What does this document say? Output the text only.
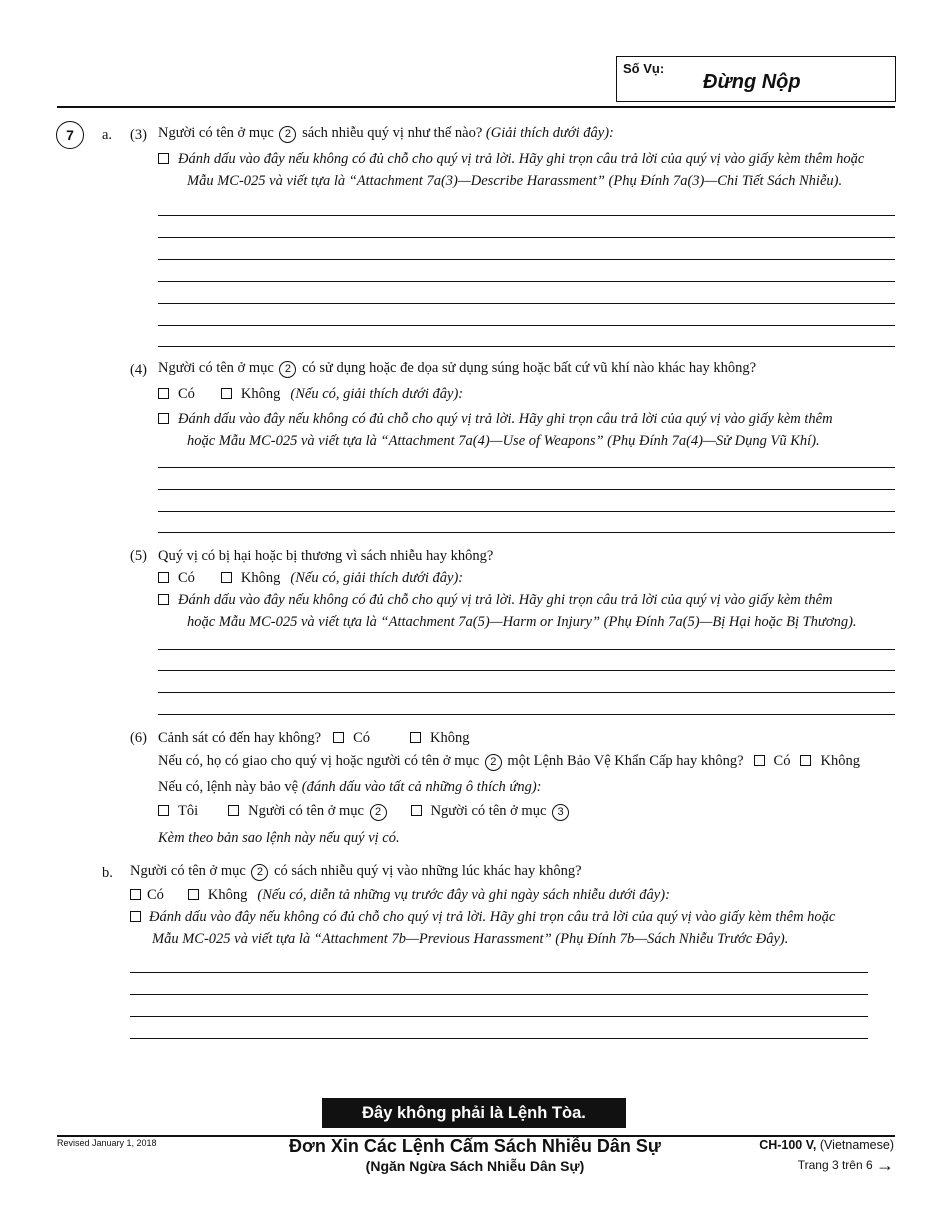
Số Vụ:
Đừng Nộp
7	a. (3) Người có tên ở mục 2 sách nhiễu quý vị như thế nào? (Giải thích dưới đây):
Đánh dấu vào đây nếu không có đủ chỗ cho quý vị trả lời. Hãy ghi trọn câu trả lời của quý vị vào giấy kèm thêm hoặc
Mẫu MC-025 và viết tựa là “Attachment 7a(3)—Describe Harassment” (Phụ Đính 7a(3)—Chi Tiết Sách Nhiễu).
(4) Người có tên ở mục 2 có sử dụng hoặc đe dọa sử dụng súng hoặc bất cứ vũ khí nào khác hay không?
Có	Không (Nếu có, giải thích dưới đây):
Đánh dấu vào đây nếu không có đủ chỗ cho quý vị trả lời. Hãy ghi trọn câu trả lời của quý vị vào giấy kèm thêm
hoặc Mẫu MC-025 và viết tựa là “Attachment 7a(4)—Use of Weapons” (Phụ Đính 7a(4)—Sử Dụng Vũ Khí).
(5) Quý vị có bị hại hoặc bị thương vì sách nhiễu hay không?
Có	Không (Nếu có, giải thích dưới đây):
Đánh dấu vào đây nếu không có đủ chỗ cho quý vị trả lời. Hãy ghi trọn câu trả lời của quý vị vào giấy kèm thêm
hoặc Mẫu MC-025 và viết tựa là “Attachment 7a(5)—Harm or Injury” (Phụ Đính 7a(5)—Bị Hại hoặc Bị Thương).
(6) Cảnh sát có đến hay không? Có	Không
Nếu có, họ có giao cho quý vị hoặc người có tên ở mục 2 một Lệnh Bảo Vệ Khẩn Cấp hay không? Có Không
Nếu có, lệnh này bảo vệ (đánh dấu vào tất cả những ô thích ứng):
Tôi	Người có tên ở mục 2	Người có tên ở mục 3
Kèm theo bản sao lệnh này nếu quý vị có.
b. Người có tên ở mục 2 có sách nhiễu quý vị vào những lúc khác hay không?
Có	Không (Nếu có, diễn tả những vụ trước đây và ghi ngày sách nhiễu dưới đây):
Đánh dấu vào đây nếu không có đủ chỗ cho quý vị trả lời. Hãy ghi trọn câu trả lời của quý vị vào giấy kèm thêm hoặc
Mẫu MC-025 và viết tựa là “Attachment 7b—Previous Harassment” (Phụ Đính 7b—Sách Nhiễu Trước Đây).
Đây không phải là Lệnh Tòa.
Revised January 1, 2018	Đơn Xin Các Lệnh Cấm Sách Nhiễu Dân Sự
(Ngăn Ngừa Sách Nhiễu Dân Sự)
CH-100 V, (Vietnamese)
Trang 3 trên 6 →
